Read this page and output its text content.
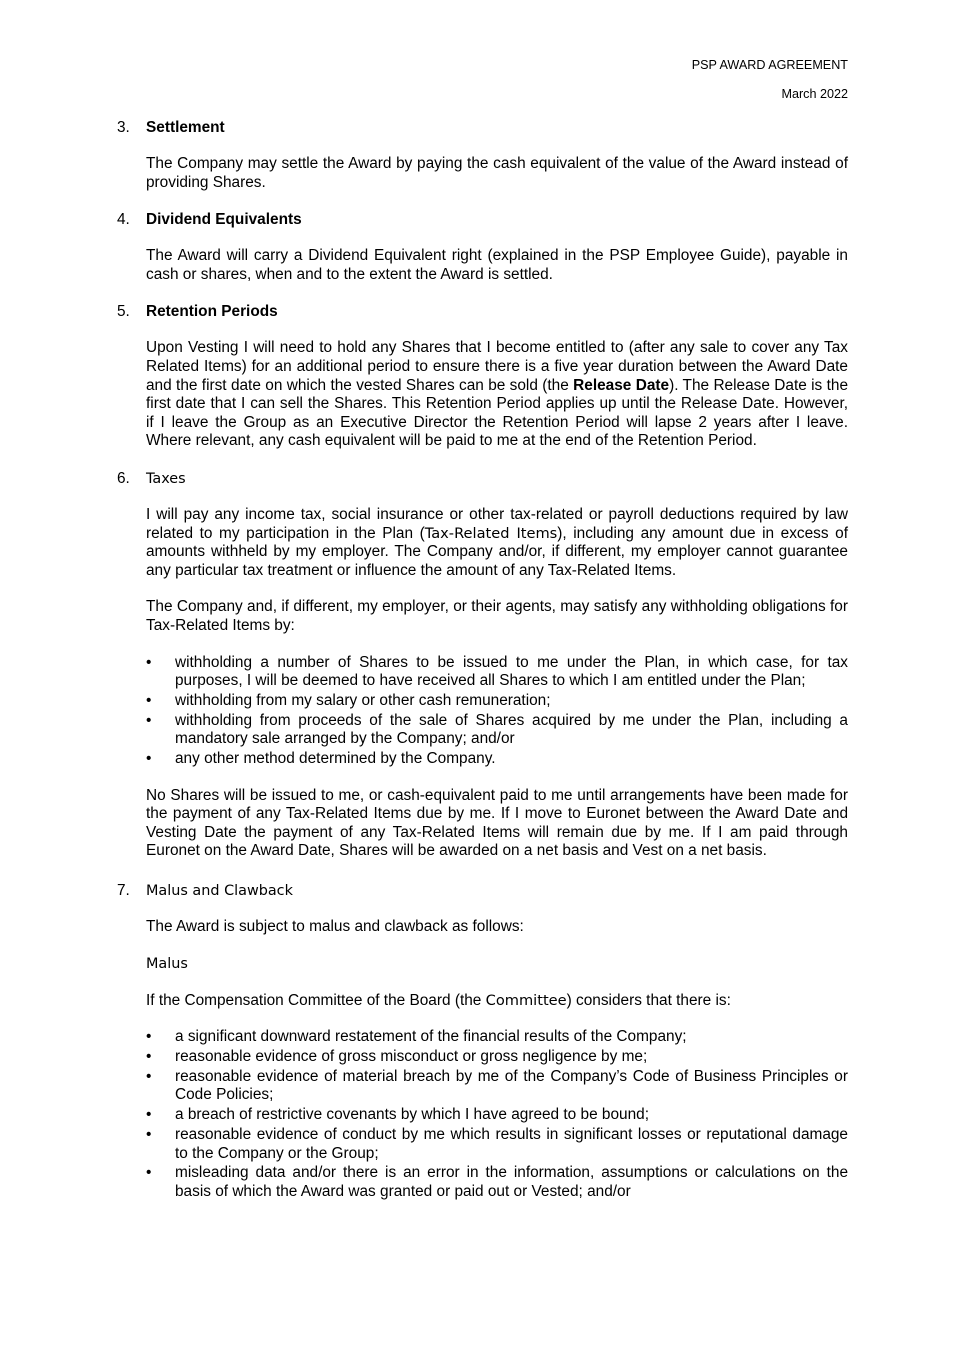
PSP AWARD AGREEMENT
March 2022
3. Settlement

The Company may settle the Award by paying the cash equivalent of the value of the Award instead of providing Shares.

4. Dividend Equivalents

The Award will carry a Dividend Equivalent right (explained in the PSP Employee Guide), payable in cash or shares, when and to the extent the Award is settled.

5. Retention Periods

Upon Vesting I will need to hold any Shares that I become entitled to (after any sale to cover any Tax Related Items) for an additional period to ensure there is a five year duration between the Award Date and the first date on which the vested Shares can be sold (the Release Date). The Release Date is the first date that I can sell the Shares. This Retention Period applies up until the Release Date. However, if I leave the Group as an Executive Director the Retention Period will lapse 2 years after I leave. Where relevant, any cash equivalent will be paid to me at the end of the Retention Period.

6. Taxes

I will pay any income tax, social insurance or other tax-related or payroll deductions required by law related to my participation in the Plan (Tax-Related Items), including any amount due in excess of amounts withheld by my employer. The Company and/or, if different, my employer cannot guarantee any particular tax treatment or influence the amount of any Tax-Related Items.

The Company and, if different, my employer, or their agents, may satisfy any withholding obligations for Tax-Related Items by:

• withholding a number of Shares to be issued to me under the Plan, in which case, for tax purposes, I will be deemed to have received all Shares to which I am entitled under the Plan;
• withholding from my salary or other cash remuneration;
• withholding from proceeds of the sale of Shares acquired by me under the Plan, including a mandatory sale arranged by the Company; and/or
• any other method determined by the Company.

No Shares will be issued to me, or cash-equivalent paid to me until arrangements have been made for the payment of any Tax-Related Items due by me. If I move to Euronet between the Award Date and Vesting Date the payment of any Tax-Related Items will remain due by me. If I am paid through Euronet on the Award Date, Shares will be awarded on a net basis and Vest on a net basis.

7. Malus and Clawback

The Award is subject to malus and clawback as follows:

Malus

If the Compensation Committee of the Board (the Committee) considers that there is:

• a significant downward restatement of the financial results of the Company;
• reasonable evidence of gross misconduct or gross negligence by me;
• reasonable evidence of material breach by me of the Company’s Code of Business Principles or Code Policies;
• a breach of restrictive covenants by which I have agreed to be bound;
• reasonable evidence of conduct by me which results in significant losses or reputational damage to the Company or the Group;
• misleading data and/or there is an error in the information, assumptions or calculations on the basis of which the Award was granted or paid out or Vested; and/or
